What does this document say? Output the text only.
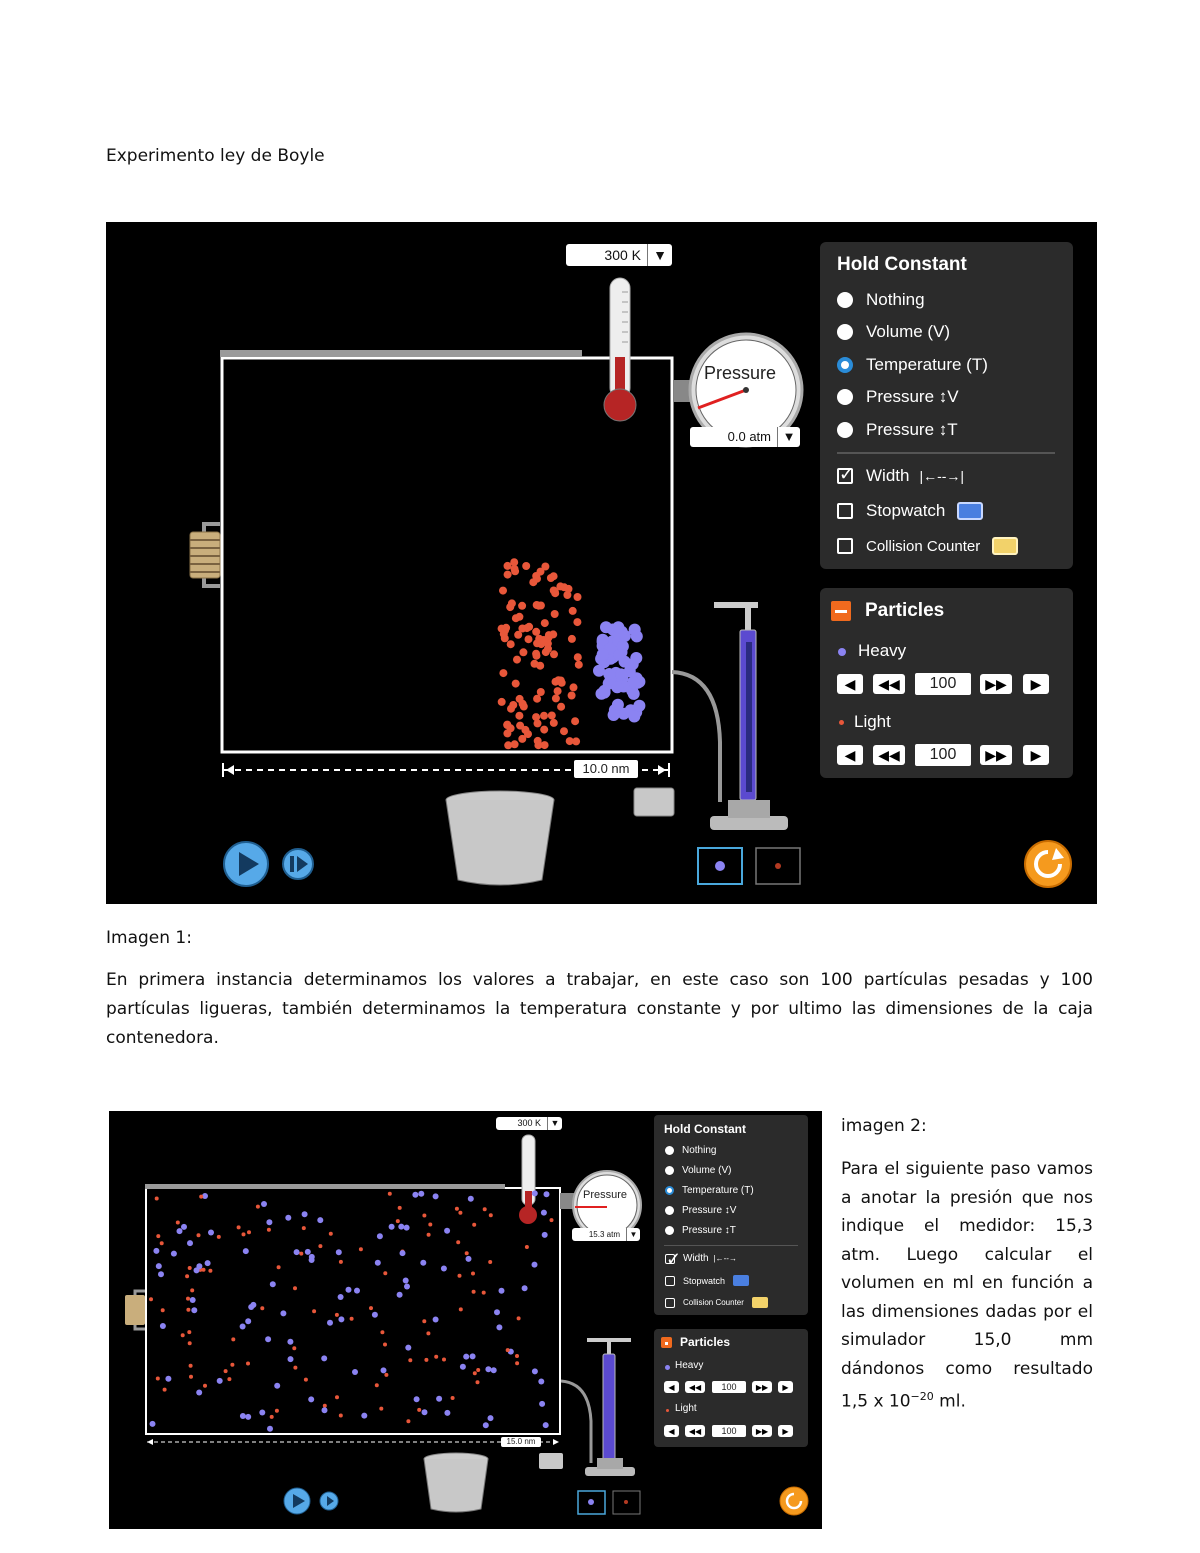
Experimento ley de Boyle
300 K ▼
Pressure
0.0 atm ▼
10.0 nm
Hold Constant
Nothing
Volume (V)
Temperature (T)
Pressure ↕V
Pressure ↕T
✓
Width |←--→|
Stopwatch
Collision Counter
Particles
Heavy
◀	◀◀	100	▶▶	▶
Light
◀	◀◀	100	▶▶	▶
Imagen 1:
En primera instancia determinamos los valores a trabajar, en este caso son 100 partículas pesadas y 100 partículas ligueras, también determinamos la temperatura constante y por ultimo las dimensiones de la caja contenedora.
300 K	▼
Pressure
15.3 atm	▼
15.0 nm
Hold Constant
Nothing
Volume (V)
Temperature (T)
Pressure ↕V
Pressure ↕T
✓
Width |←--→
Stopwatch
Collision Counter
Particles
Heavy
◀	◀◀	100	▶▶	▶
Light
◀	◀◀	100	▶▶	▶
imagen 2:
Para el siguiente paso vamos a anotar la presión que nos indique el medidor: 15,3 atm. Luego calcular el volumen en ml en función a las dimensiones dadas por el simulador 15,0 mm dándonos como resultado 1,5 x $10^{-20}$ ml.
